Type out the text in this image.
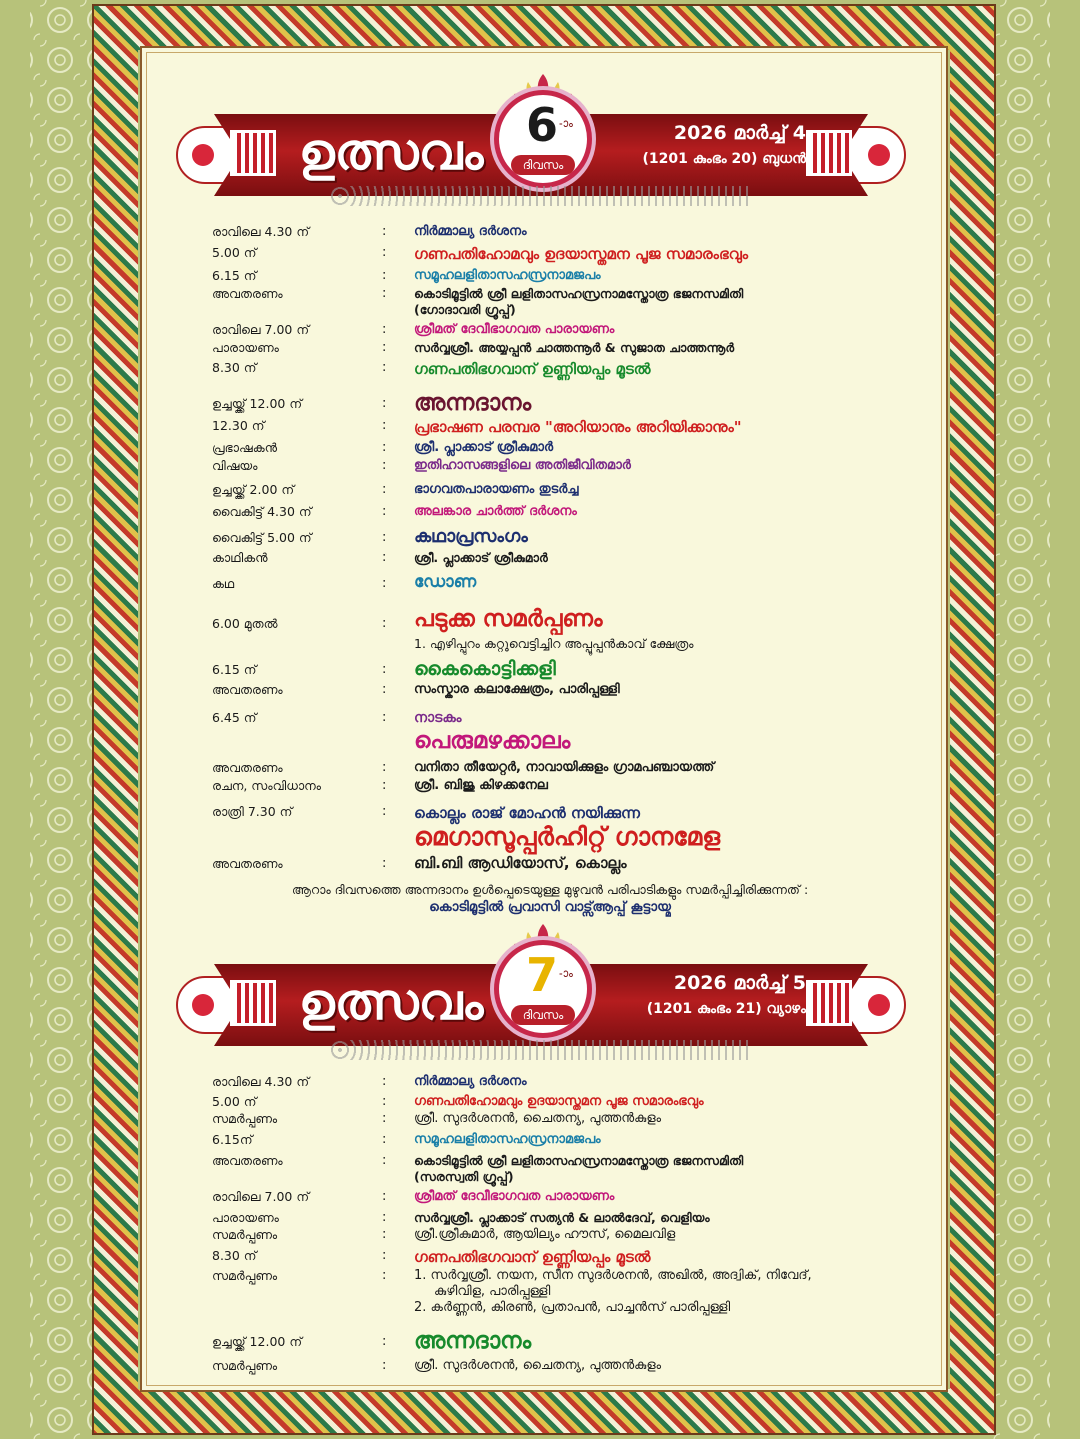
ഉത്സവം 6 -ാം
ദിവസം
2026 മാർച്ച് 4
(1201 കുംഭം 20) ബുധൻ
രാവിലെ 4.30 ന്	: നിർമ്മാല്യ ദർശനം
5.00 ന്	: ഗണപതിഹോമവും ഉദയാസ്തമന പൂജ സമാരംഭവും
6.15 ന്	: സമൂഹലളിതാസഹസ്രനാമജപം
അവതരണം	: കൊടിമൂട്ടിൽ ശ്രീ ലളിതാസഹസ്രനാമസ്തോത്ര ഭജനസമിതി
(ഗോദാവരി ഗ്രൂപ്പ്)
രാവിലെ 7.00 ന്	: ശ്രീമത് ദേവീഭാഗവത പാരായണം
പാരായണം	: സർവ്വശ്രീ. അയ്യപ്പൻ ചാത്തന്നൂർ & സുജാത ചാത്തന്നൂർ
8.30 ന്	: ഗണപതിഭഗവാന് ഉണ്ണിയപ്പം മൂടൽ
ഉച്ചയ്ക്ക് 12.00 ന്	: അന്നദാനം
12.30 ന്	: പ്രഭാഷണ പരമ്പര "അറിയാനും അറിയിക്കാനും"
പ്രഭാഷകൻ	: ശ്രീ. പ്ലാക്കാട് ശ്രീകുമാർ
വിഷയം	: ഇതിഹാസങ്ങളിലെ അതിജീവിതമാർ
ഉച്ചയ്ക്ക് 2.00 ന്	: ഭാഗവതപാരായണം തുടർച്ച
വൈകിട്ട് 4.30 ന്	: അലങ്കാര ചാർത്ത് ദർശനം
വൈകിട്ട് 5.00 ന്	: കഥാപ്രസംഗം
കാഥികൻ	: ശ്രീ. പ്ലാക്കാട് ശ്രീകുമാർ
കഥ	: ഡോണ
6.00 മുതൽ	: പടുക്ക സമർപ്പണം
1. എഴിപ്പുറം കറ്റുവെട്ടിച്ചിറ അപ്പൂപ്പൻകാവ് ക്ഷേത്രം
6.15 ന്	: കൈകൊട്ടിക്കളി
അവതരണം	: സംസ്കാര കലാക്ഷേത്രം, പാരിപ്പള്ളി
6.45 ന്	: നാടകം
പെരുമഴക്കാലം
അവതരണം	: വനിതാ തീയേറ്റർ, നാവായിക്കുളം ഗ്രാമപഞ്ചായത്ത്
രചന, സംവിധാനം	: ശ്രീ. ബിജു കിഴക്കനേല
രാത്രി 7.30 ന്	: കൊല്ലം രാജ് മോഹൻ നയിക്കുന്ന
മെഗാസൂപ്പർഹിറ്റ് ഗാനമേള
അവതരണം	: ബി.ബി ആഡിയോസ്, കൊല്ലം
ആറാം ദിവസത്തെ അന്നദാനം ഉൾപ്പെടെയുള്ള മുഴുവൻ പരിപാടികളും സമർപ്പിച്ചിരിക്കുന്നത് :
കൊടിമൂട്ടിൽ പ്രവാസി വാട്സ്ആപ്പ് കൂട്ടായ്മ
ഉത്സവം 7 -ാം
ദിവസം
2026 മാർച്ച് 5
(1201 കുംഭം 21) വ്യാഴം
രാവിലെ 4.30 ന്	: നിർമ്മാല്യ ദർശനം
5.00 ന്	: ഗണപതിഹോമവും ഉദയാസ്തമന പൂജ സമാരംഭവും
സമർപ്പണം	: ശ്രീ. സുദർശനൻ, ചൈതന്യ, പുത്തൻകുളം
6.15ന്	: സമൂഹലളിതാസഹസ്രനാമജപം
അവതരണം	: കൊടിമൂട്ടിൽ ശ്രീ ലളിതാസഹസ്രനാമസ്തോത്ര ഭജനസമിതി
(സരസ്വതി ഗ്രൂപ്പ്)
രാവിലെ 7.00 ന്	: ശ്രീമത് ദേവീഭാഗവത പാരായണം
പാരായണം	: സർവ്വശ്രീ. പ്ലാക്കാട് സത്യൻ & ലാൽദേവ്, വെളിയം
സമർപ്പണം	: ശ്രീ.ശ്രീകുമാർ, ആയില്യം ഹൗസ്, മൈലവിള
8.30 ന്	: ഗണപതിഭഗവാന് ഉണ്ണിയപ്പം മൂടൽ
സമർപ്പണം	: 1. സർവ്വശ്രീ. നയന, സീന സുദർശനൻ, അഖിൽ, അദ്വിക്, നിവേദ്,
കുഴിവിള, പാരിപ്പള്ളി
2. കർണ്ണൻ, കിരൺ, പ്രതാപൻ, പാച്ചൻസ് പാരിപ്പള്ളി
ഉച്ചയ്ക്ക് 12.00 ന്	: അന്നദാനം
സമർപ്പണം	: ശ്രീ. സുദർശനൻ, ചൈതന്യ, പുത്തൻകുളം
